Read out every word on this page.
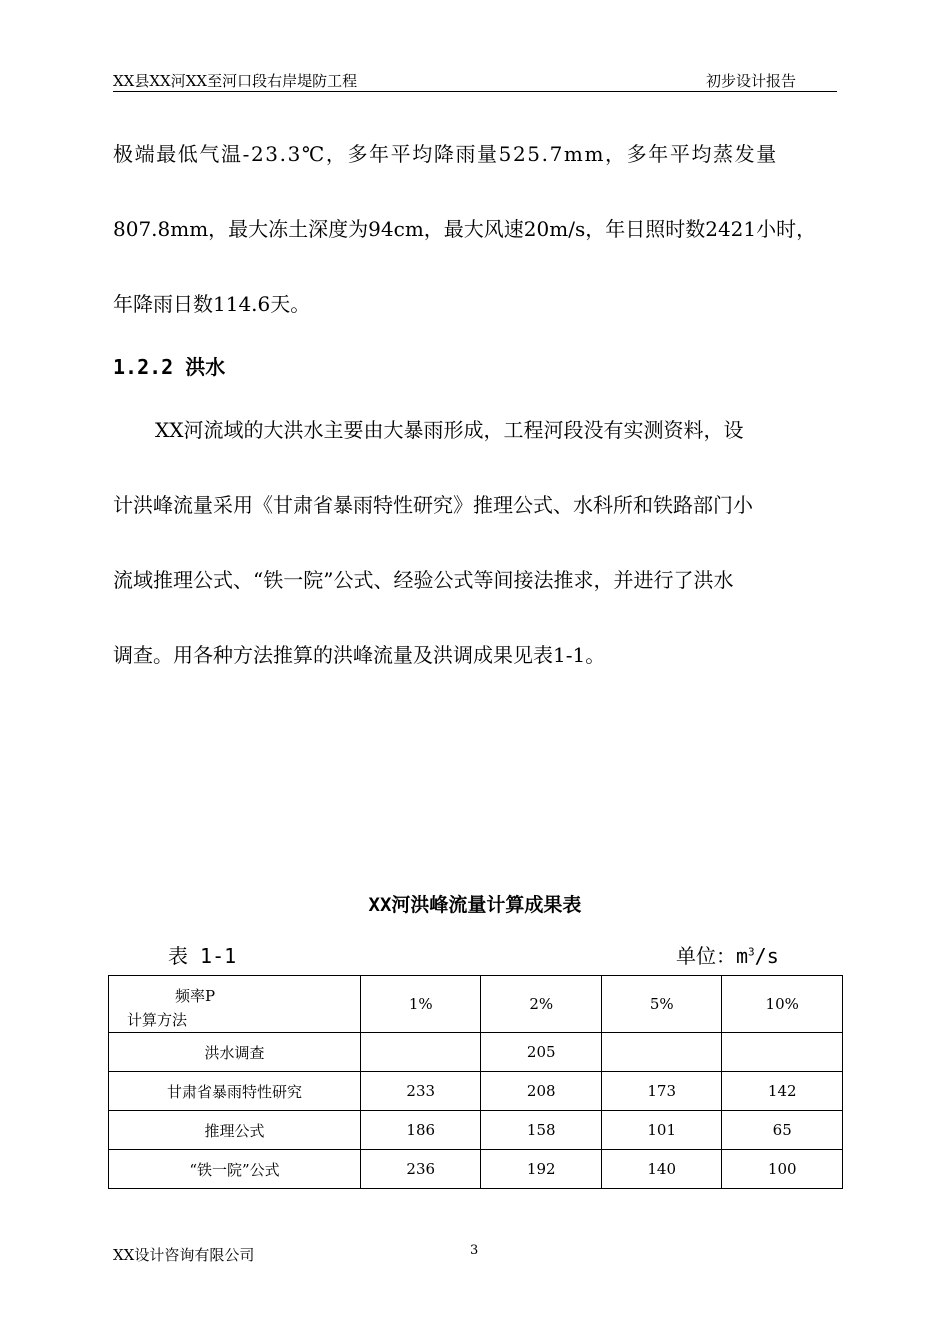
XX县XX河XX至河口段右岸堤防工程	初步设计报告
极端最低气温-23.3℃，多年平均降雨量525.7mm，多年平均蒸发量
807.8mm，最大冻土深度为94cm，最大风速20m/s，年日照时数2421小时，
年降雨日数114.6天。
1.2.2 洪水
XX河流域的大洪水主要由大暴雨形成，工程河段没有实测资料，设
计洪峰流量采用《甘肃省暴雨特性研究》推理公式、水科所和铁路部门小
流域推理公式、“铁一院”公式、经验公式等间接法推求，并进行了洪水
调查。用各种方法推算的洪峰流量及洪调成果见表1-1。
XX河洪峰流量计算成果表
表 1-1	单位：$m^3/s$
频率P
计算方法	1%	2%	5%	10%
洪水调查		205		
甘肃省暴雨特性研究	233	208	173	142
推理公式	186	158	101	65
“铁一院”公式	236	192	140	100
XX设计咨询有限公司	3
